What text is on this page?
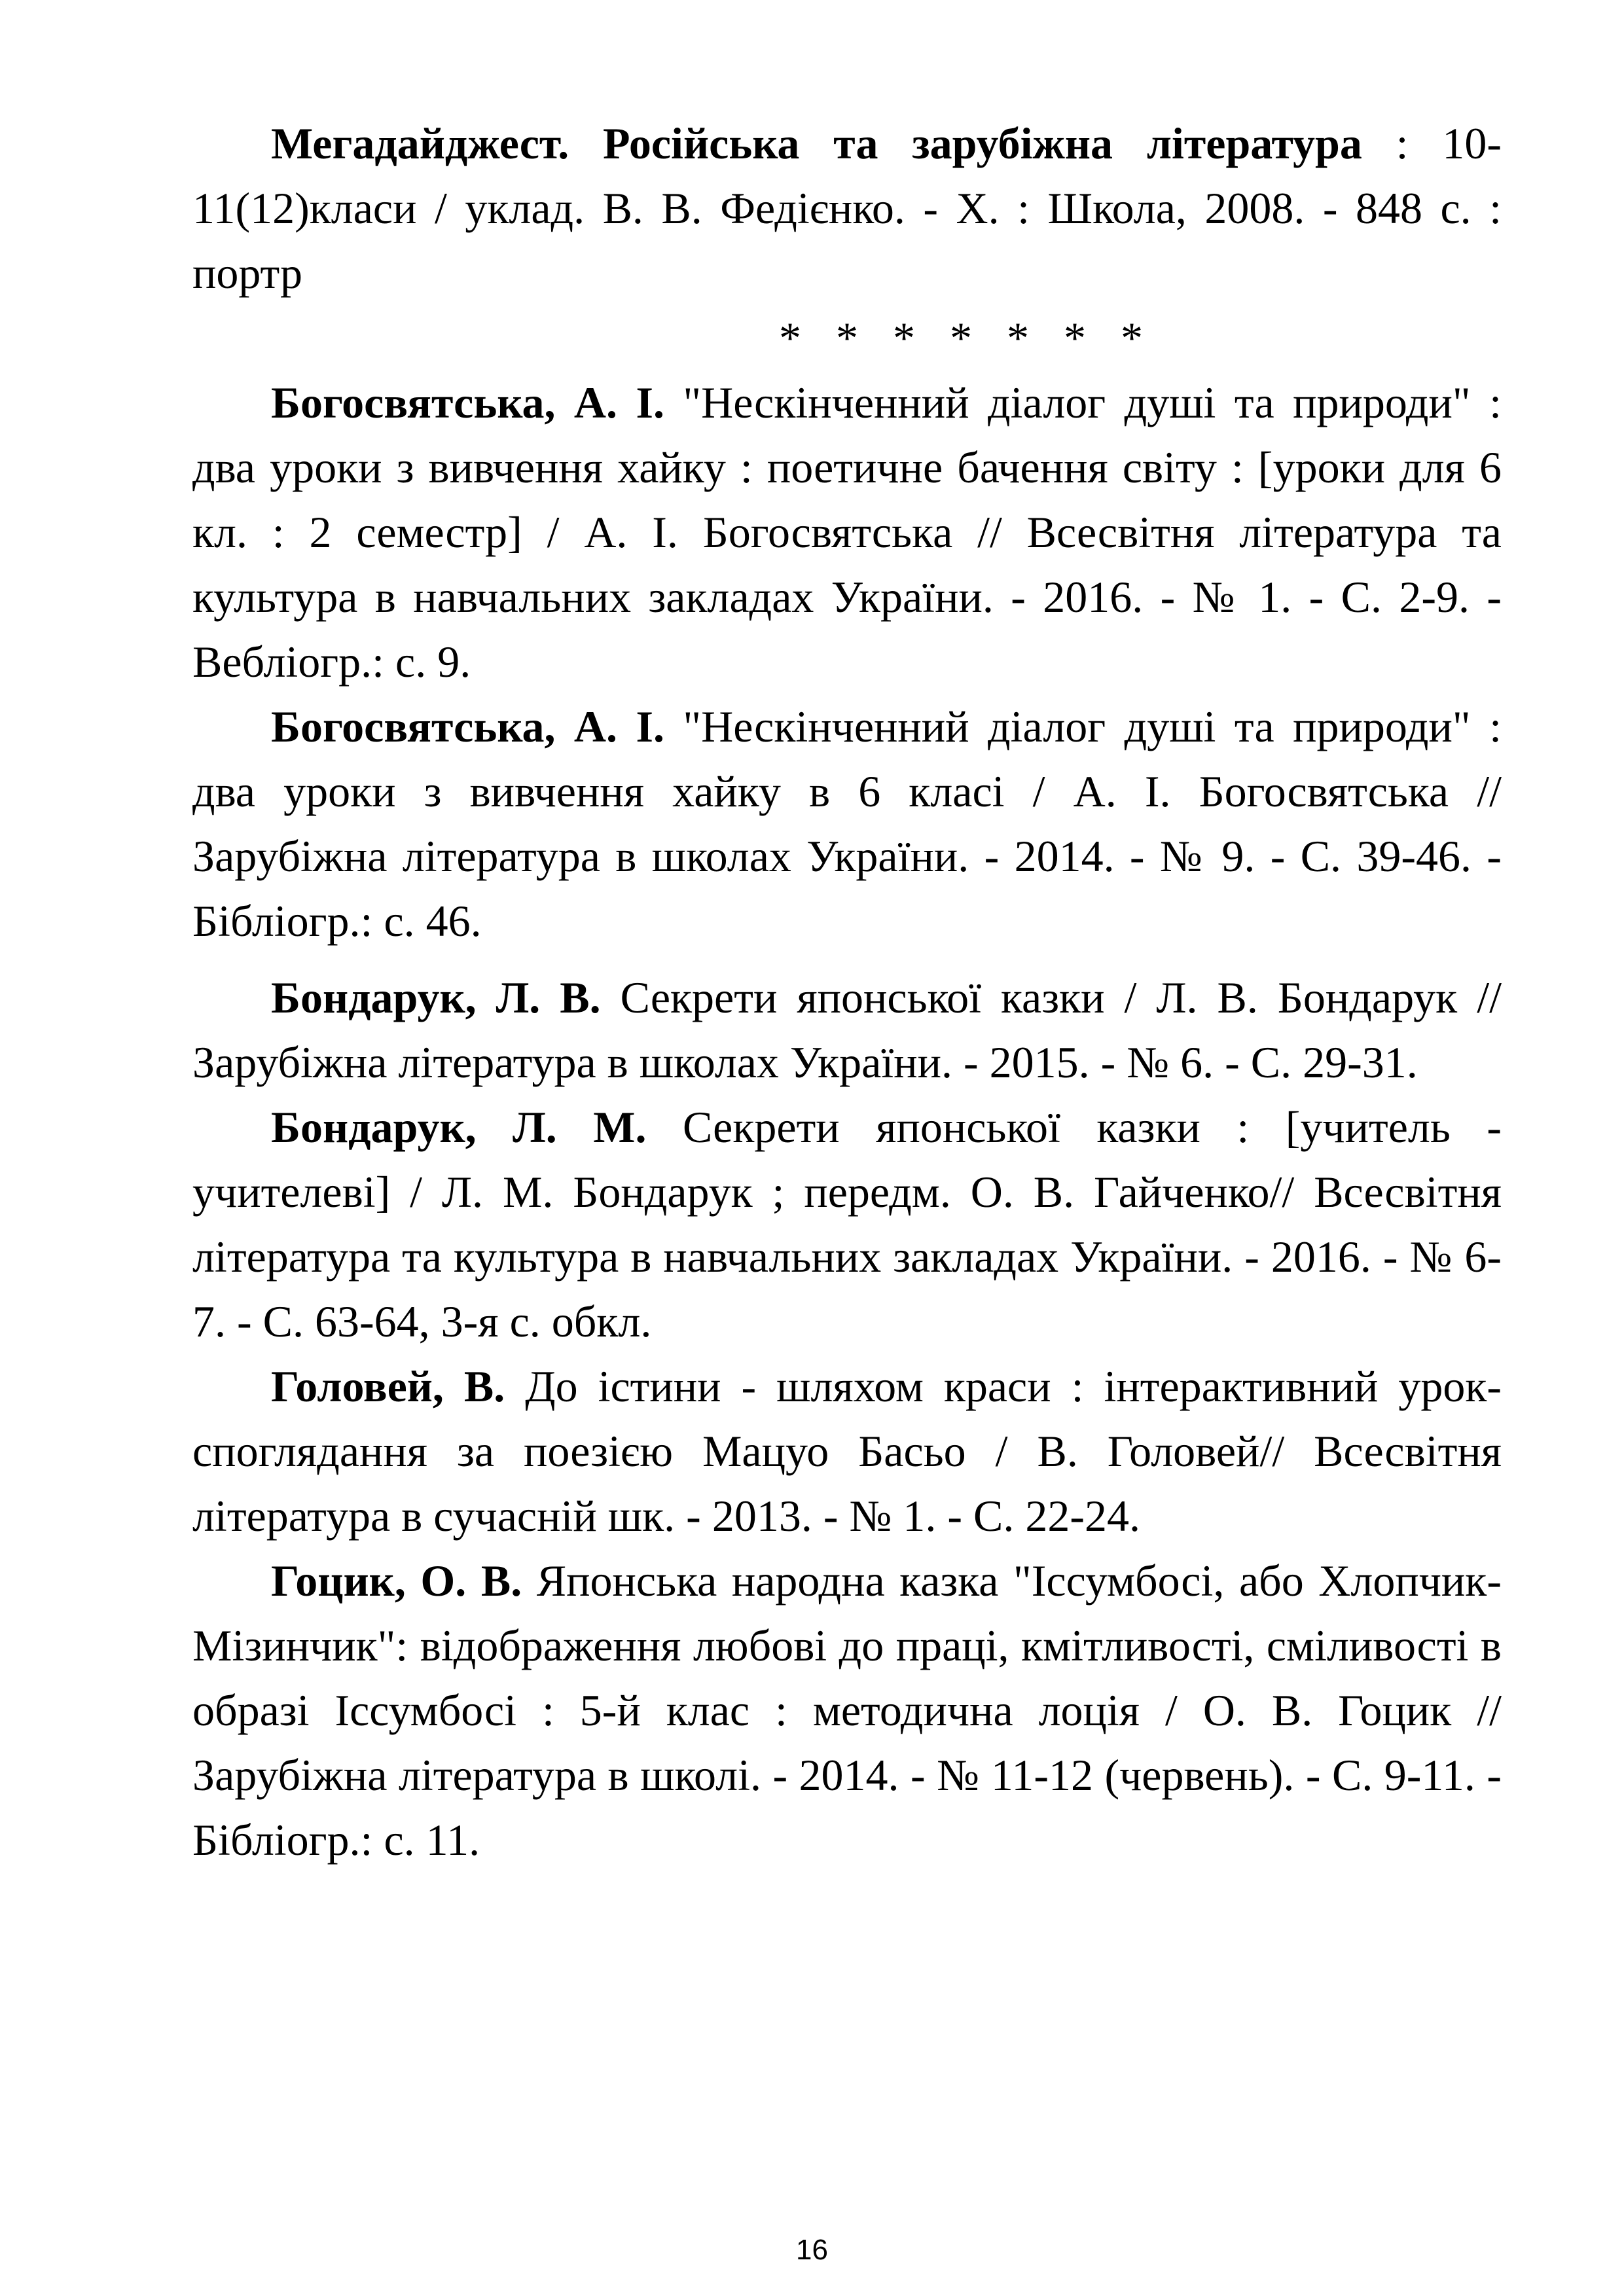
Мегадайджест. Російська та зарубіжна література : 10-11(12)класи / уклад. В. В. Федієнко. - Х. : Школа, 2008. - 848 с. : портр

* * * * * * *

Богосвятська, А. І. "Нескінченний діалог душі та природи" : два уроки з вивчення хайку : поетичне бачення світу : [уроки для 6 кл. : 2 семестр] / А. І. Богосвятська // Всесвітня література та культура в навчальних закладах України. - 2016. - № 1. - С. 2-9. - Вебліогр.: с. 9.

Богосвятська, А. І. "Нескінченний діалог душі та природи" : два уроки з вивчення хайку в 6 класі / А. І. Богосвятська // Зарубіжна література в школах України. - 2014. - № 9. - С. 39-46. - Бібліогр.: с. 46.

Бондарук, Л. В. Секрети японської казки / Л. В. Бондарук // Зарубіжна література в школах України. - 2015. - № 6. - С. 29-31.

Бондарук, Л. М. Секрети японської казки : [учитель - учителеві] / Л. М. Бондарук ; передм. О. В. Гайченко// Всесвітня література та культура в навчальних закладах України. - 2016. - № 6-7. - С. 63-64, 3-я с. обкл.

Головей, В. До істини - шляхом краси : інтерактивний урок-споглядання за поезією Мацуо Басьо / В. Головей// Всесвітня література в сучасній шк. - 2013. - № 1. - С. 22-24.

Гоцик, О. В. Японська народна казка "Іссумбосі, або Хлопчик-Мізинчик": відображення любові до праці, кмітливості, сміливості в образі Іссумбосі : 5-й клас : методична лоція / О. В. Гоцик // Зарубіжна література в школі. - 2014. - № 11-12 (червень). - С. 9-11. - Бібліогр.: с. 11.

16
